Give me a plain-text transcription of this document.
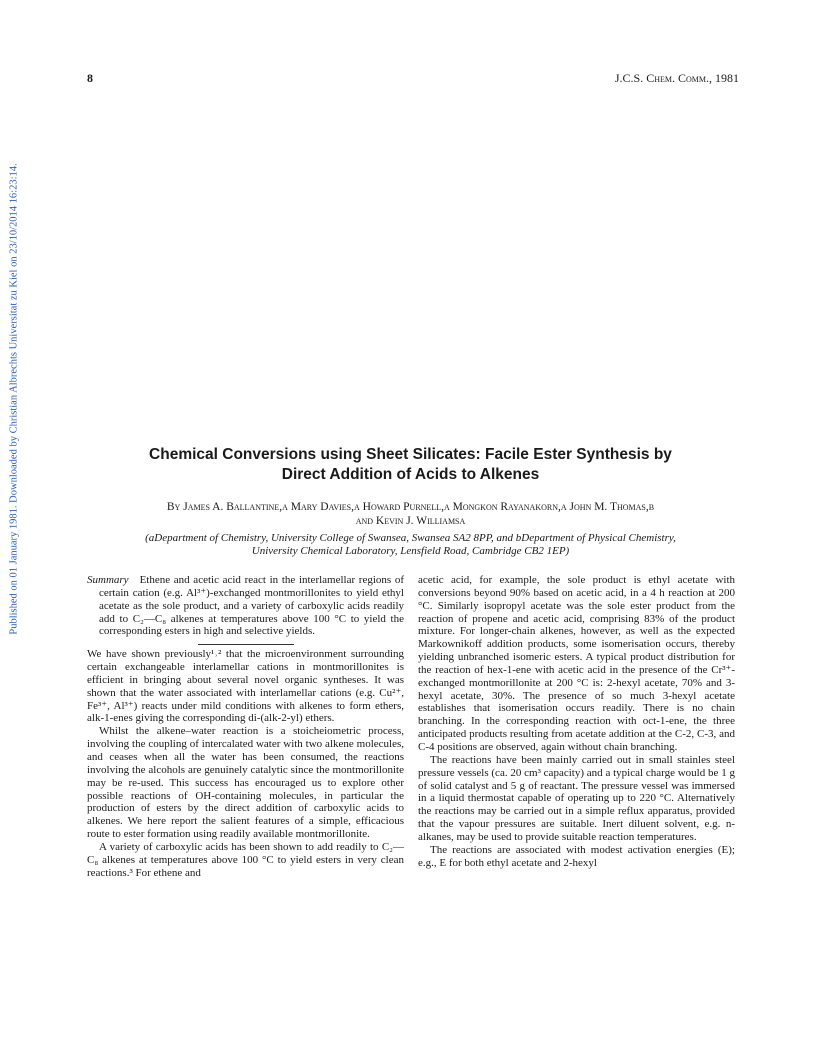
Published on 01 January 1981. Downloaded by Christian Albrechts Universitat zu Kiel on 23/10/2014 16:23:14.
8	J.C.S. Chem. Comm., 1981
Chemical Conversions using Sheet Silicates: Facile Ester Synthesis by
Direct Addition of Acids to Alkenes
By James A. Ballantine,a Mary Davies,a Howard Purnell,a Mongkon Rayanakorn,a John M. Thomas,b
and Kevin J. Williamsa
(aDepartment of Chemistry, University College of Swansea, Swansea SA2 8PP, and bDepartment of Physical Chemistry,
University Chemical Laboratory, Lensfield Road, Cambridge CB2 1EP)

Summary Ethene and acetic acid react in the interlamellar regions of certain cation (e.g. Al³⁺)-exchanged montmorillonites to yield ethyl acetate as the sole product, and a variety of carboxylic acids readily add to C₂—C₈ alkenes at temperatures above 100 °C to yield the corresponding esters in high and selective yields.

We have shown previously¹˒² that the microenvironment surrounding certain exchangeable interlamellar cations in montmorillonites is efficient in bringing about several novel organic syntheses. It was shown that the water associated with interlamellar cations (e.g. Cu²⁺, Fe³⁺, Al³⁺) reacts under mild conditions with alkenes to form ethers, alk-1-enes giving the corresponding di-(alk-2-yl) ethers.

Whilst the alkene–water reaction is a stoicheiometric process, involving the coupling of intercalated water with two alkene molecules, and ceases when all the water has been consumed, the reactions involving the alcohols are genuinely catalytic since the montmorillonite may be re-used. This success has encouraged us to explore other possible reactions of OH-containing molecules, in particular the production of esters by the direct addition of carboxylic acids to alkenes. We here report the salient features of a simple, efficacious route to ester formation using readily available montmorillonite.

A variety of carboxylic acids has been shown to add readily to C₂—C₈ alkenes at temperatures above 100 °C to yield esters in very clean reactions.³ For ethene and

acetic acid, for example, the sole product is ethyl acetate with conversions beyond 90% based on acetic acid, in a 4 h reaction at 200 °C. Similarly isopropyl acetate was the sole ester product from the reaction of propene and acetic acid, comprising 83% of the product mixture. For longer-chain alkenes, however, as well as the expected Markownikoff addition products, some isomerisation occurs, thereby yielding unbranched isomeric esters. A typical product distribution for the reaction of hex-1-ene with acetic acid in the presence of the Cr³⁺-exchanged montmorillonite at 200 °C is: 2-hexyl acetate, 70% and 3-hexyl acetate, 30%. The presence of so much 3-hexyl acetate establishes that isomerisation occurs readily. There is no chain branching. In the corresponding reaction with oct-1-ene, the three anticipated products resulting from acetate addition at the C-2, C-3, and C-4 positions are observed, again without chain branching.

The reactions have been mainly carried out in small stainles steel pressure vessels (ca. 20 cm³ capacity) and a typical charge would be 1 g of solid catalyst and 5 g of reactant. The pressure vessel was immersed in a liquid thermostat capable of operating up to 220 °C. Alternatively the reactions may be carried out in a simple reflux apparatus, provided that the vapour pressures are suitable. Inert diluent solvent, e.g. n-alkanes, may be used to provide suitable reaction temperatures.

The reactions are associated with modest activation energies (E); e.g., E for both ethyl acetate and 2-hexyl
